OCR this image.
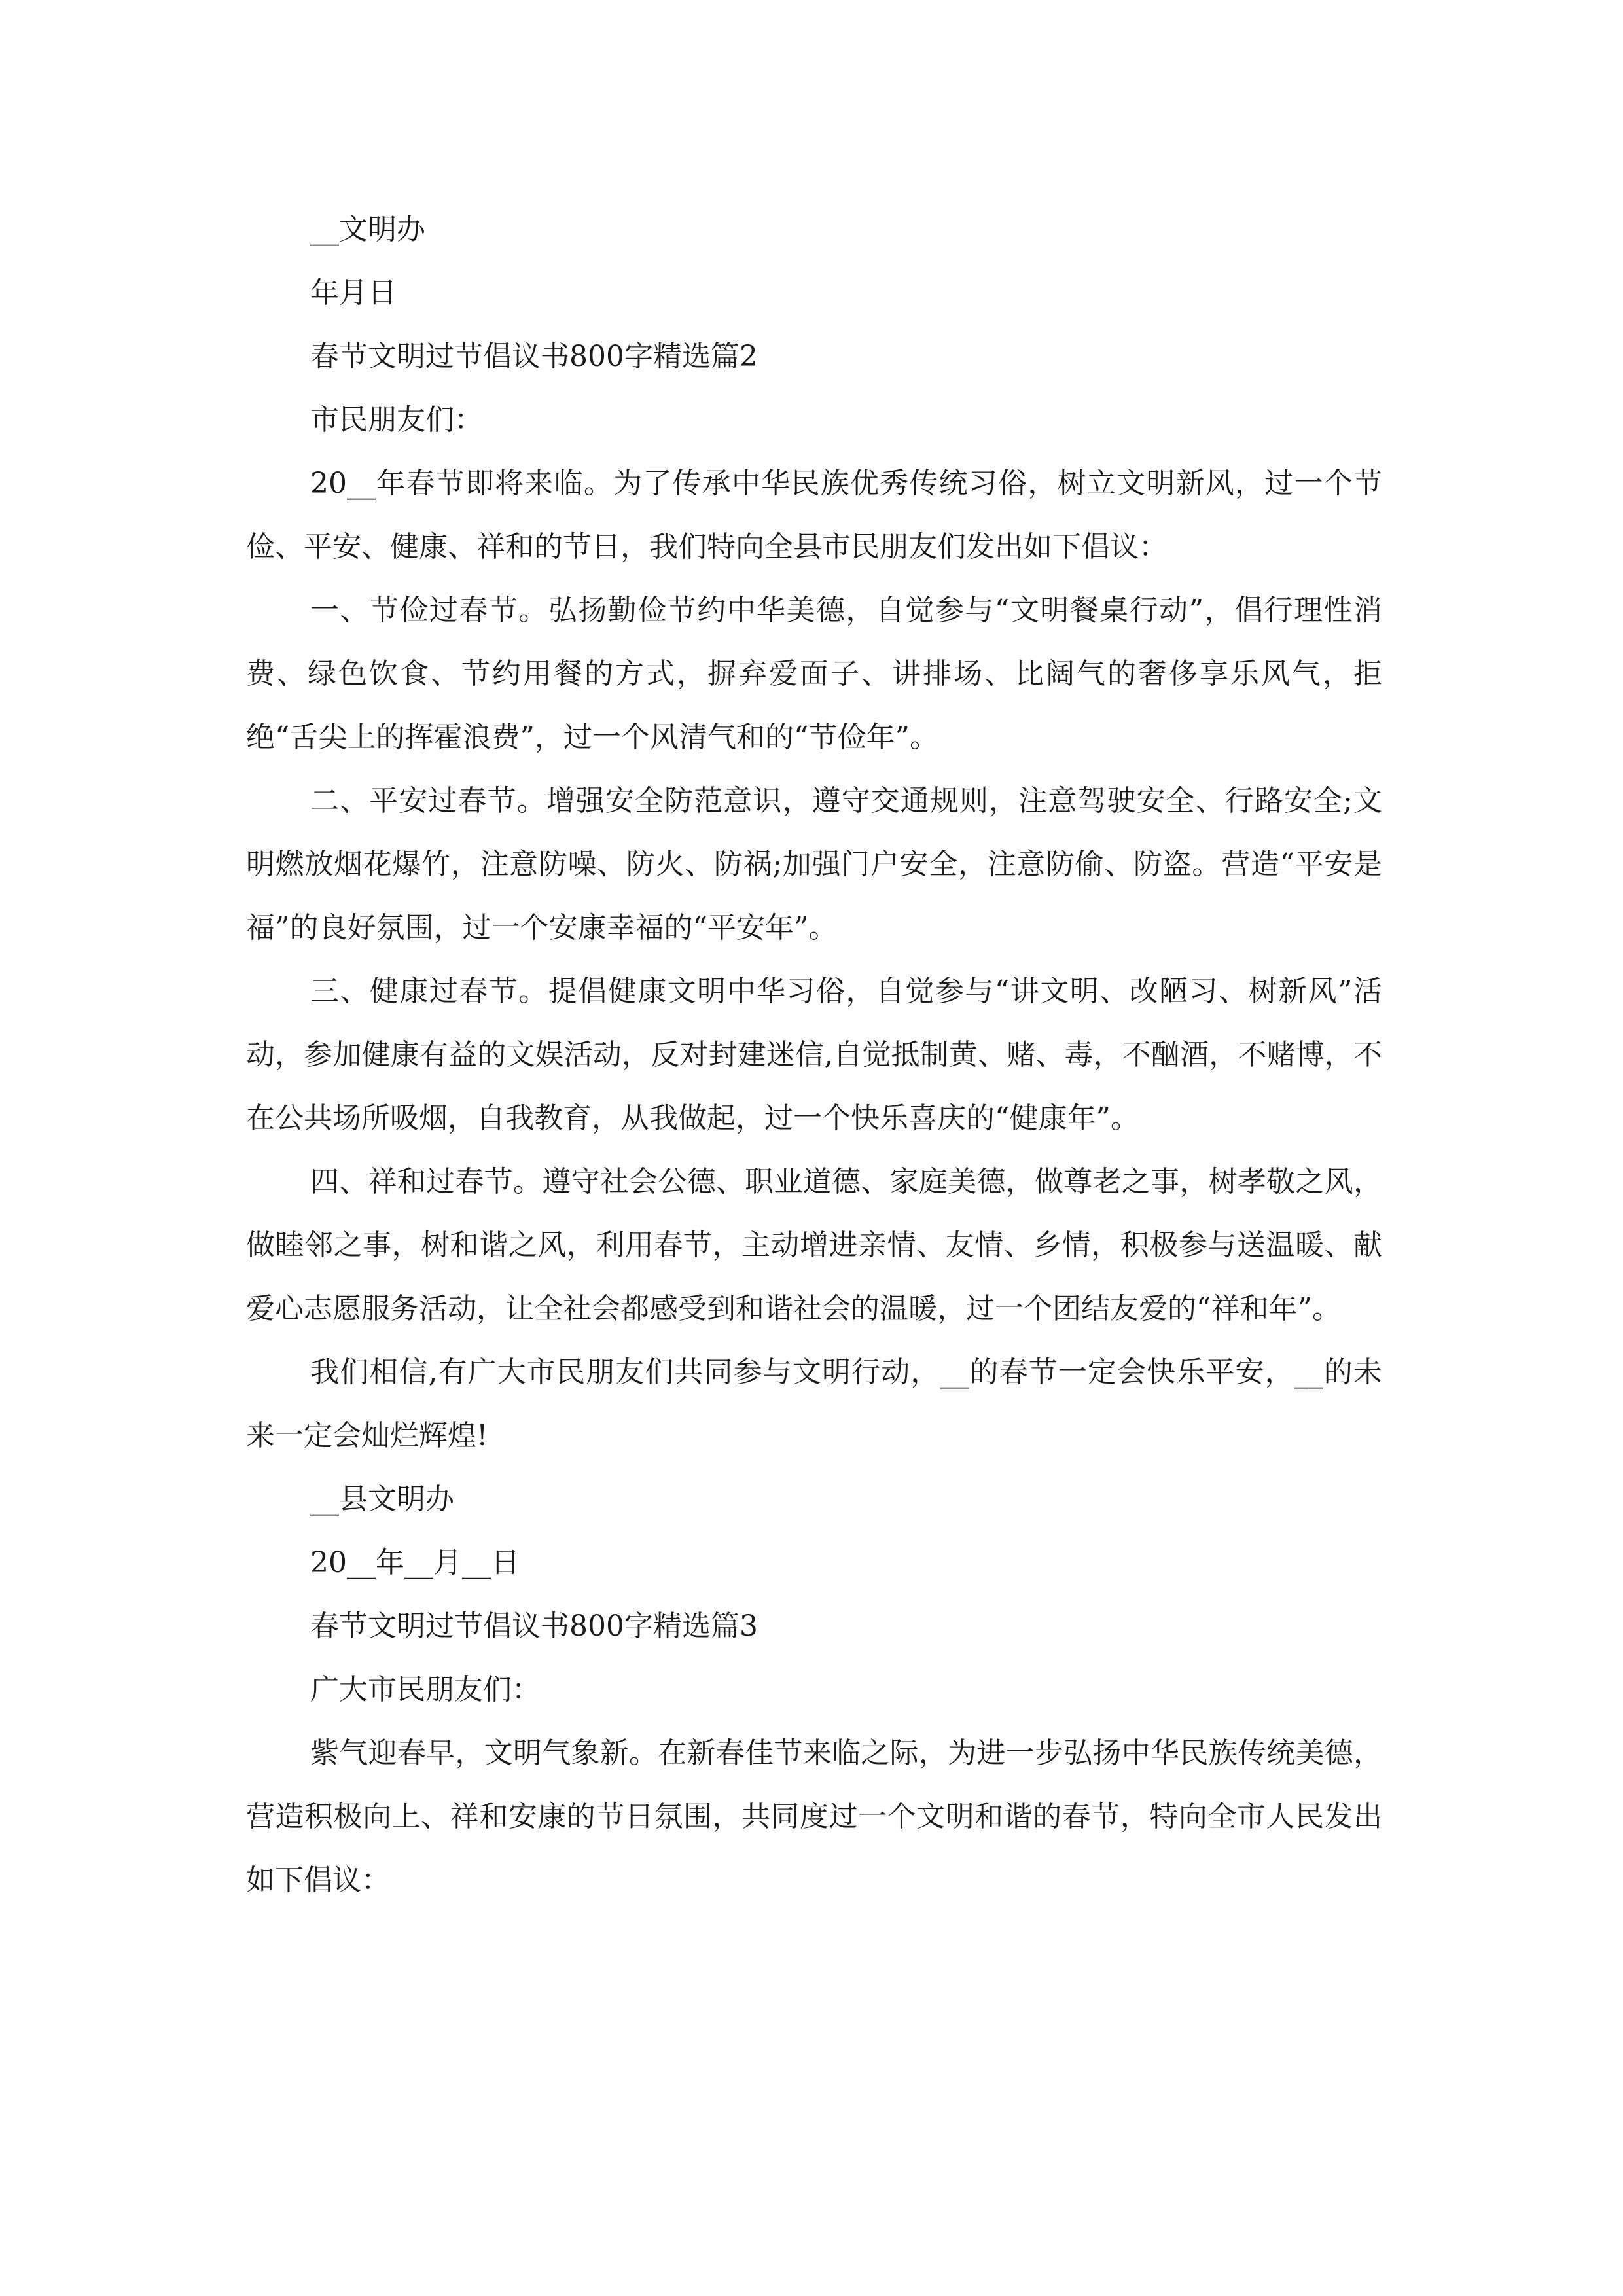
__文明办
年月日
春节文明过节倡议书800字精选篇2
市民朋友们：

20__年春节即将来临。为了传承中华民族优秀传统习俗，树立文明新风，过一个节俭、平安、健康、祥和的节日，我们特向全县市民朋友们发出如下倡议：

一、节俭过春节。弘扬勤俭节约中华美德，自觉参与“文明餐桌行动”，倡行理性消费、绿色饮食、节约用餐的方式，摒弃爱面子、讲排场、比阔气的奢侈享乐风气，拒绝“舌尖上的挥霍浪费”，过一个风清气和的“节俭年”。

二、平安过春节。增强安全防范意识，遵守交通规则，注意驾驶安全、行路安全;文明燃放烟花爆竹，注意防噪、防火、防祸;加强门户安全，注意防偷、防盗。营造“平安是福”的良好氛围，过一个安康幸福的“平安年”。

三、健康过春节。提倡健康文明中华习俗，自觉参与“讲文明、改陋习、树新风”活动，参加健康有益的文娱活动，反对封建迷信,自觉抵制黄、赌、毒，不酗酒，不赌博，不在公共场所吸烟，自我教育，从我做起，过一个快乐喜庆的“健康年”。

四、祥和过春节。遵守社会公德、职业道德、家庭美德，做尊老之事，树孝敬之风，做睦邻之事，树和谐之风，利用春节，主动增进亲情、友情、乡情，积极参与送温暖、献爱心志愿服务活动，让全社会都感受到和谐社会的温暖，过一个团结友爱的“祥和年”。

我们相信,有广大市民朋友们共同参与文明行动，__的春节一定会快乐平安，__的未来一定会灿烂辉煌!

__县文明办
20__年__月__日
春节文明过节倡议书800字精选篇3
广大市民朋友们：

紫气迎春早，文明气象新。在新春佳节来临之际，为进一步弘扬中华民族传统美德，营造积极向上、祥和安康的节日氛围，共同度过一个文明和谐的春节，特向全市人民发出如下倡议：
